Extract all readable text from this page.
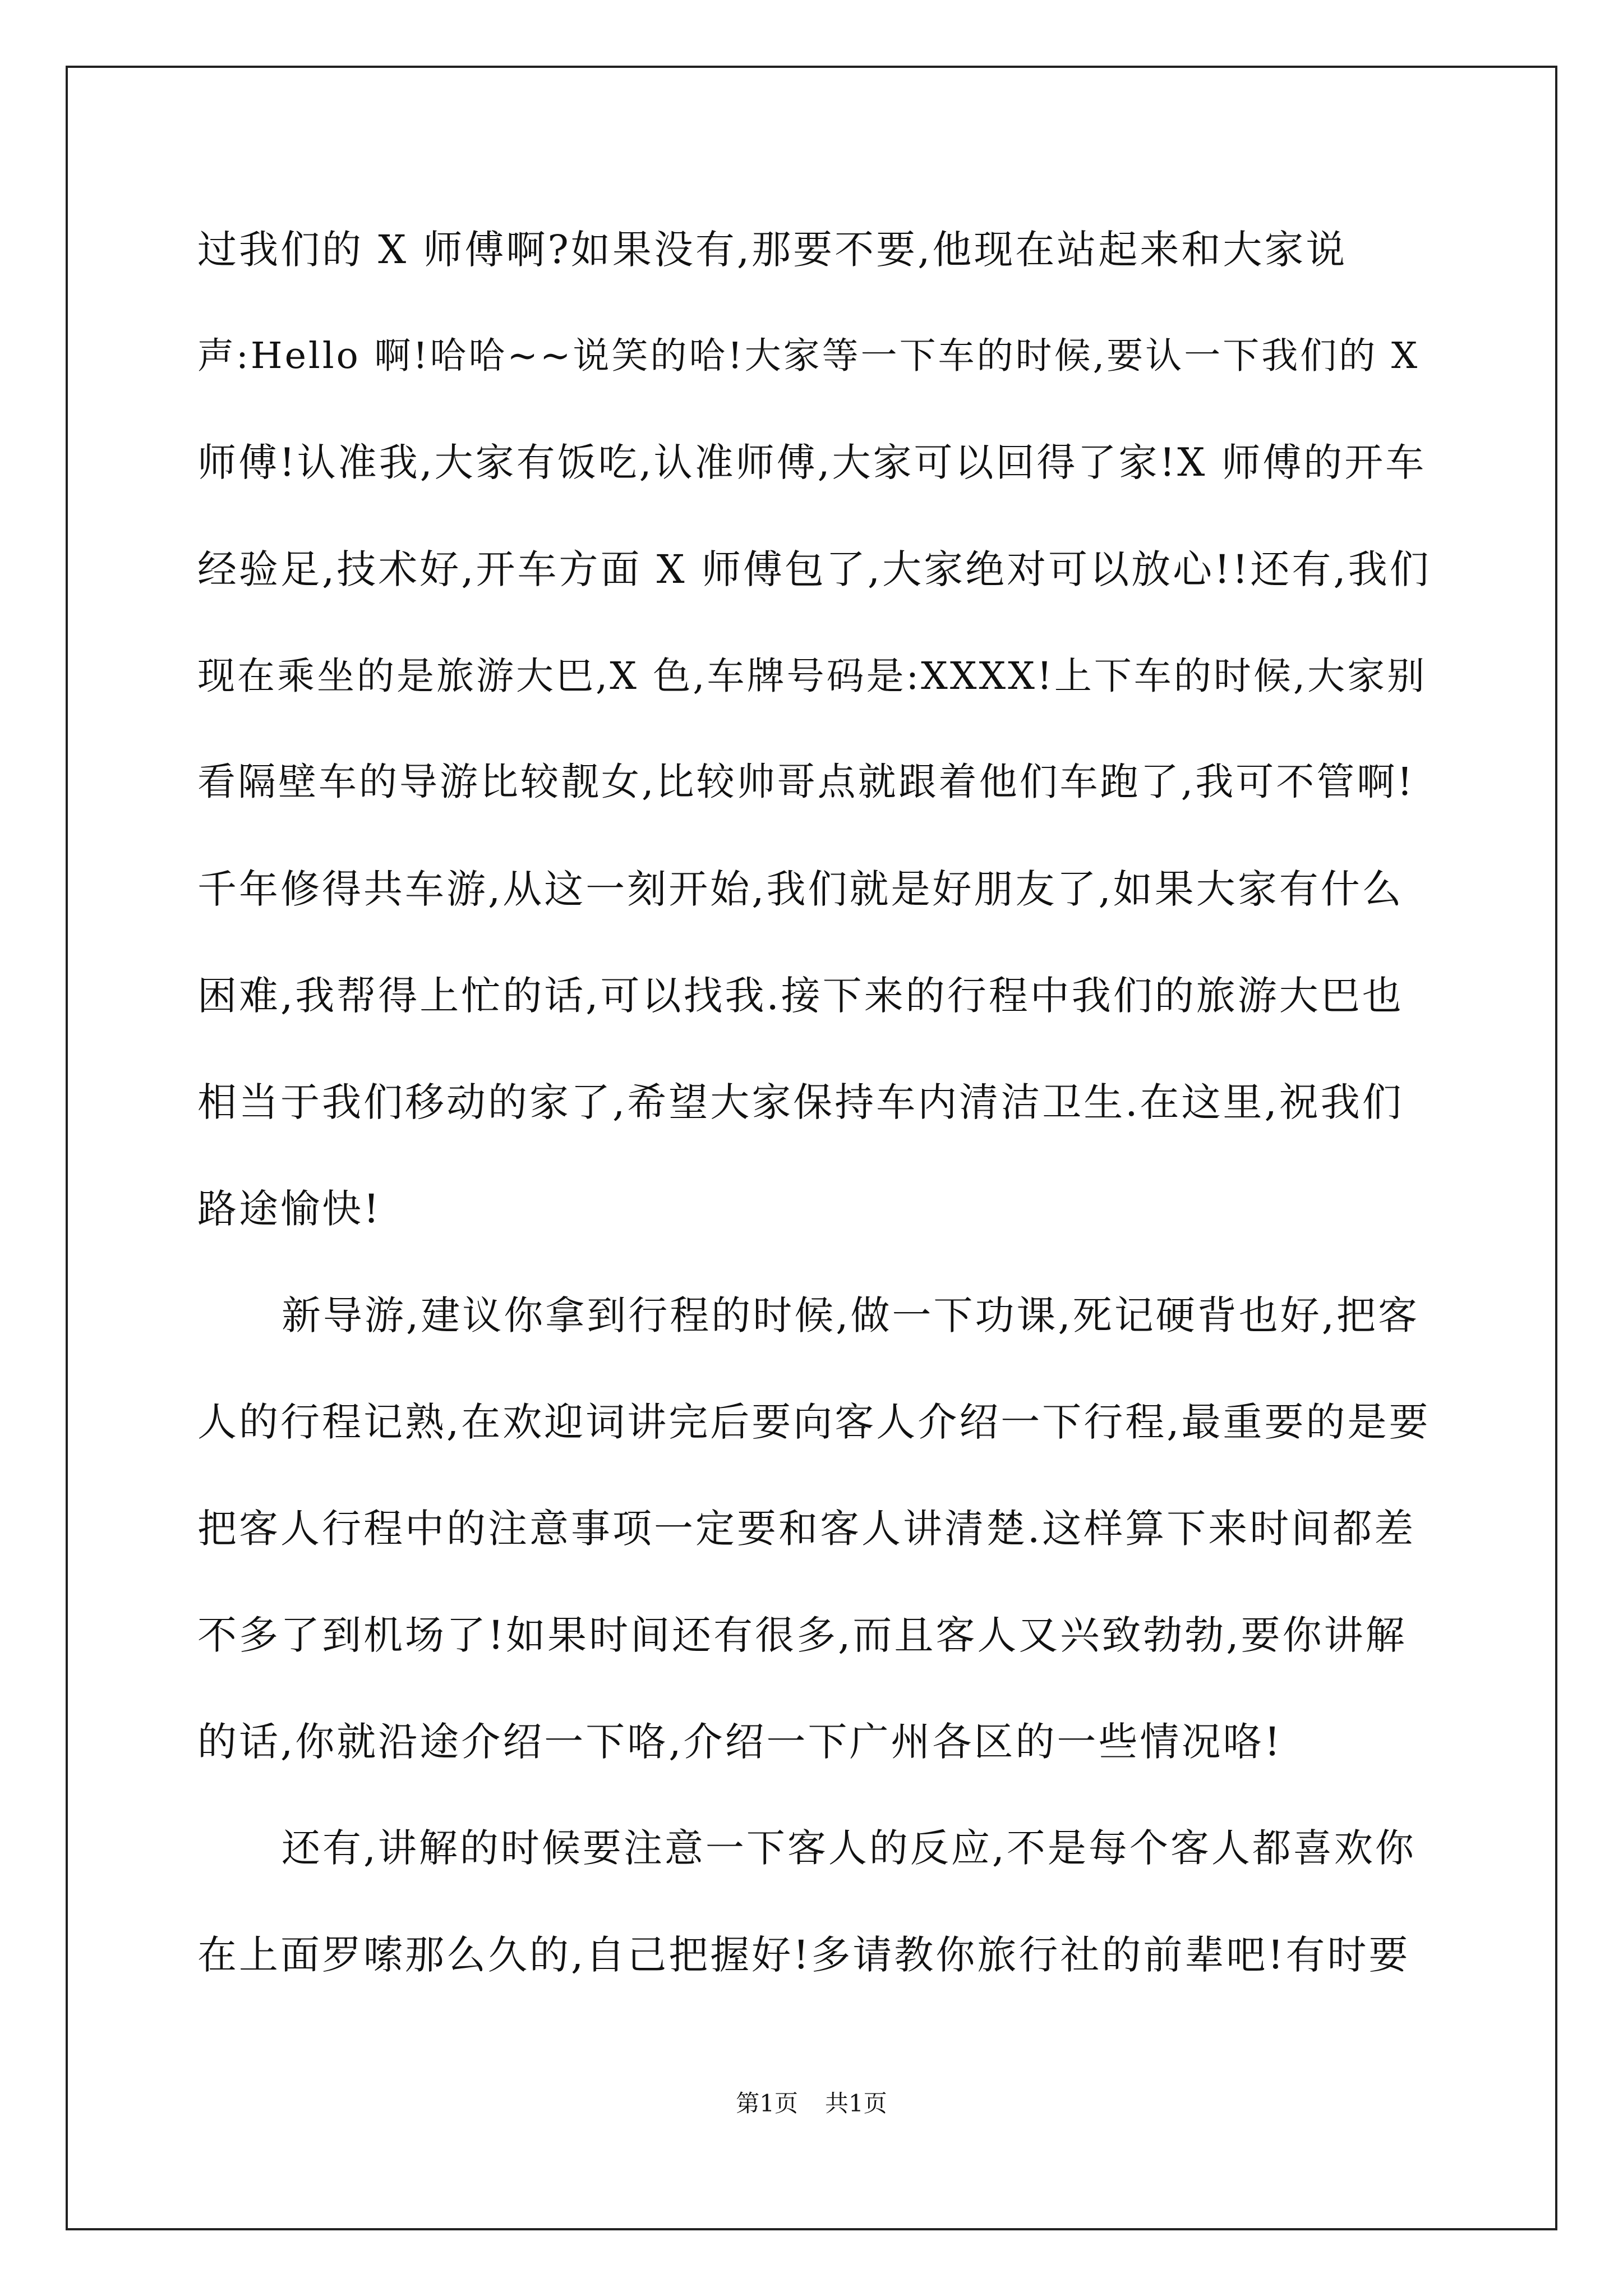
过我们的 X 师傅啊?如果没有,那要不要,他现在站起来和大家说
声:Hello 啊!哈哈~~说笑的哈!大家等一下车的时候,要认一下我们的 X
师傅!认准我,大家有饭吃,认准师傅,大家可以回得了家!X 师傅的开车
经验足,技术好,开车方面 X 师傅包了,大家绝对可以放心!!还有,我们
现在乘坐的是旅游大巴,X 色,车牌号码是:XXXX!上下车的时候,大家别
看隔壁车的导游比较靓女,比较帅哥点就跟着他们车跑了,我可不管啊!
千年修得共车游,从这一刻开始,我们就是好朋友了,如果大家有什么
困难,我帮得上忙的话,可以找我.接下来的行程中我们的旅游大巴也
相当于我们移动的家了,希望大家保持车内清洁卫生.在这里,祝我们
路途愉快!
新导游,建议你拿到行程的时候,做一下功课,死记硬背也好,把客
人的行程记熟,在欢迎词讲完后要向客人介绍一下行程,最重要的是要
把客人行程中的注意事项一定要和客人讲清楚.这样算下来时间都差
不多了到机场了!如果时间还有很多,而且客人又兴致勃勃,要你讲解
的话,你就沿途介绍一下咯,介绍一下广州各区的一些情况咯!
还有,讲解的时候要注意一下客人的反应,不是每个客人都喜欢你
在上面罗嗦那么久的,自己把握好!多请教你旅行社的前辈吧!有时要
第1页 共1页
